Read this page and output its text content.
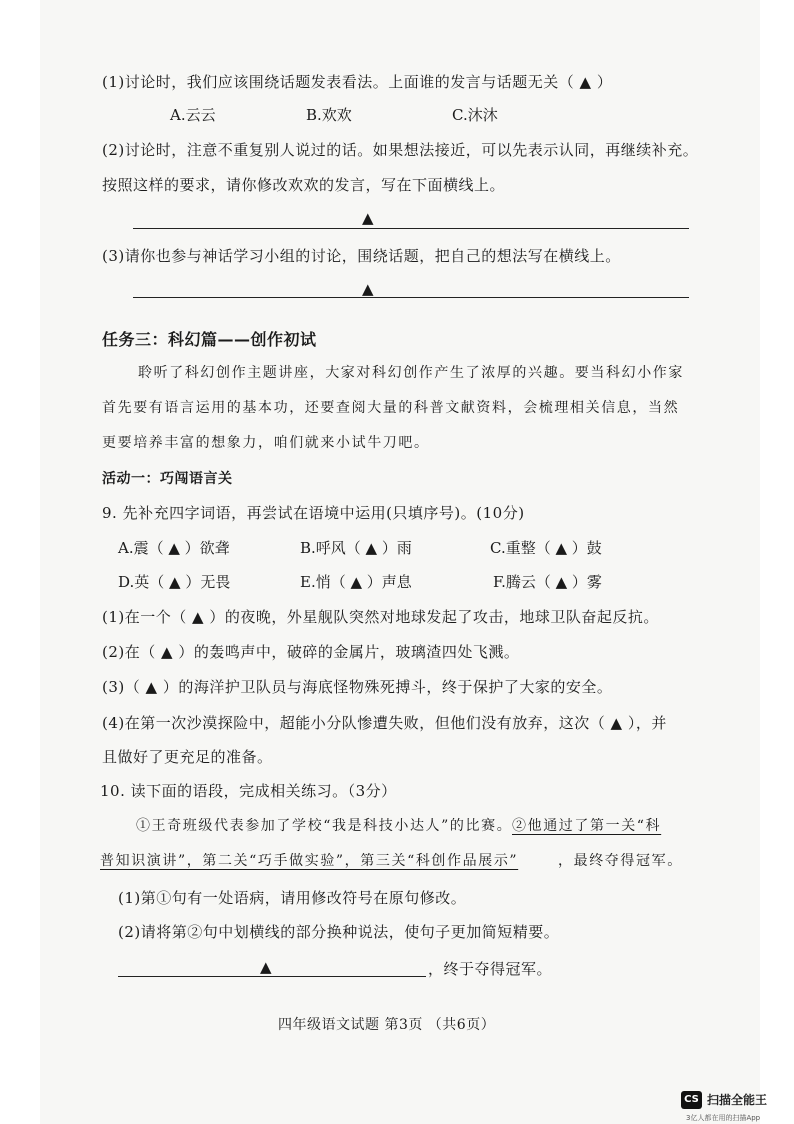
(1)讨论时，我们应该围绕话题发表看法。上面谁的发言与话题无关（ ▲ ）
A.云云	B.欢欢	C.沐沐
(2)讨论时，注意不重复别人说过的话。如果想法接近，可以先表示认同，再继续补充。
按照这样的要求，请你修改欢欢的发言，写在下面横线上。
▲
(3)请你也参与神话学习小组的讨论，围绕话题，把自己的想法写在横线上。
▲
任务三：科幻篇——创作初试
聆听了科幻创作主题讲座，大家对科幻创作产生了浓厚的兴趣。要当科幻小作家
首先要有语言运用的基本功，还要查阅大量的科普文献资料，会梳理相关信息，当然
更要培养丰富的想象力，咱们就来小试牛刀吧。
活动一：巧闯语言关
9. 先补充四字词语，再尝试在语境中运用(只填序号)。(10分)
A.震（ ▲ ）欲聋	B.呼风（ ▲ ）雨	C.重整（ ▲ ）鼓
D.英（ ▲ ）无畏	E.悄（ ▲ ）声息	F.腾云（ ▲ ）雾
(1)在一个（ ▲ ）的夜晚，外星舰队突然对地球发起了攻击，地球卫队奋起反抗。
(2)在（ ▲ ）的轰鸣声中，破碎的金属片，玻璃渣四处飞溅。
(3)（ ▲ ）的海洋护卫队员与海底怪物殊死搏斗，终于保护了大家的安全。
(4)在第一次沙漠探险中，超能小分队惨遭失败，但他们没有放弃，这次（ ▲ ），并
且做好了更充足的准备。
10. 读下面的语段，完成相关练习。（3分）
①王奇班级代表参加了学校“我是科技小达人”的比赛。 ②他通过了第一关“科
普知识演讲”，第二关“巧手做实验”，第三关“科创作品展示”	，最终夺得冠军。
(1)第①句有一处语病，请用修改符号在原句修改。
(2)请将第②句中划横线的部分换种说法，使句子更加简短精要。
▲	，终于夺得冠军。
四年级语文试题 第3页 （共6页）
CS 扫描全能王
3亿人都在用的扫描App
